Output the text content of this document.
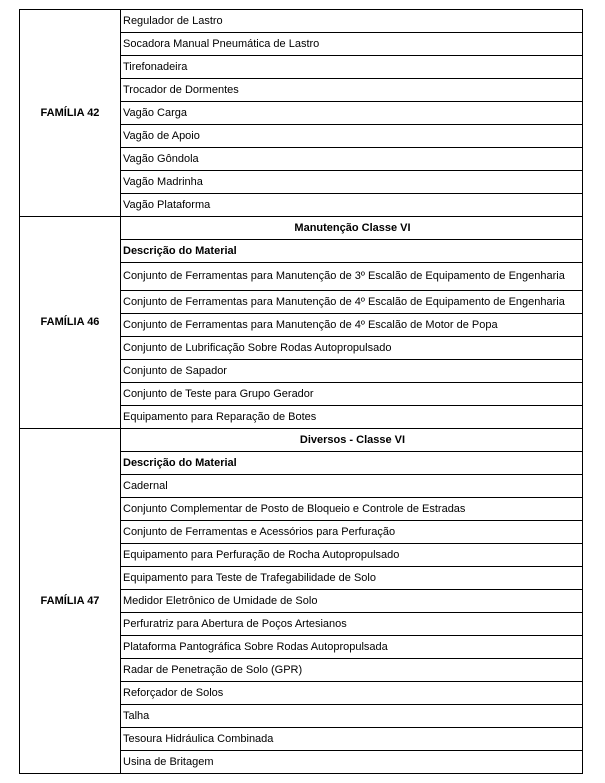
FAMÍLIA 42	Regulador de Lastro
	Socadora Manual Pneumática de Lastro
	Tirefonadeira
	Trocador de Dormentes
	Vagão Carga
	Vagão de Apoio
	Vagão Gôndola
	Vagão Madrinha
	Vagão Plataforma
FAMÍLIA 46	Manutenção Classe VI
	Descrição do Material
	Conjunto de Ferramentas para Manutenção de 3º Escalão de Equipamento de Engenharia
	Conjunto de Ferramentas para Manutenção de 4º Escalão de Equipamento de Engenharia
	Conjunto de Ferramentas para Manutenção de 4º Escalão de Motor de Popa
	Conjunto de Lubrificação Sobre Rodas Autopropulsado
	Conjunto de Sapador
	Conjunto de Teste para Grupo Gerador
	Equipamento para Reparação de Botes
FAMÍLIA 47	Diversos - Classe VI
	Descrição do Material
	Cadernal
	Conjunto Complementar de Posto de Bloqueio e Controle de Estradas
	Conjunto de Ferramentas e Acessórios para Perfuração
	Equipamento para Perfuração de Rocha Autopropulsado
	Equipamento para Teste de Trafegabilidade de Solo
	Medidor Eletrônico de Umidade de Solo
	Perfuratriz para Abertura de Poços Artesianos
	Plataforma Pantográfica Sobre Rodas Autopropulsada
	Radar de Penetração de Solo (GPR)
	Reforçador de Solos
	Talha
	Tesoura Hidráulica Combinada
	Usina de Britagem
